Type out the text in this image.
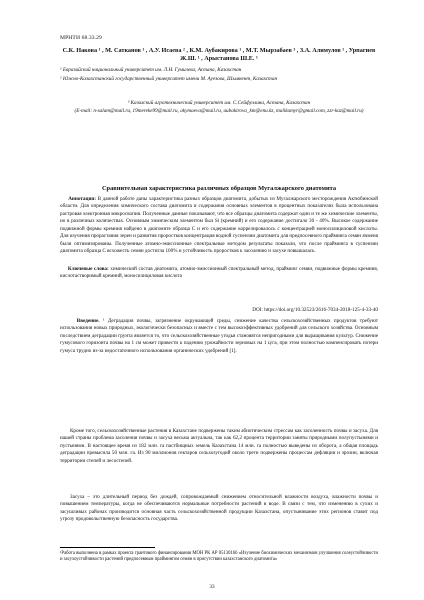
МРНТИ 68.33.29
С.К. Накова ¹ , М. Сатканов ¹ , А.У. Исаева ² , К.М. Аубакирова ¹ , М.Т. Мырзабаев ³ , З.А. Алимулов ¹ , Урпагиев Ж.Ш. ¹ , Арыстанова Ш.Е. ¹
¹ Евразийский национальный университет им. Л.Н. Гумилева, Астана, Казахстан
² Южно-Казахстанский государственный университет имени М. Ауезова, Шымкент, Казахстан
³ Казахский агротехнический университет им. С.Сейфуллина, Астана, Казахстан
(E-mail: n-salam@mail.ru, 19mereke99@mail.ru, akymaeva@mail.ru, aubakirova_km@enu.kz, malikamyr@gmail.com, zzr-kaz@mail.ru)
Сравнительная характеристика различных образцов Мугалжарского диатомита
Аннотация: В данной работе даны характеристика разных образцов диатомита, добытых из Мугалжарского месторождения Актюбинской области. Для определения химического состава диатомита и содержания основных элементов в процентных показателях была использована растровая электронная микроскопия. Полученные данные показывают, что все образцы диатомита содержат один и те же химические элементы, но в различных количествах. Основным химическим элементом был Si (кремний) и его содержание достигало 30 - 40%. Высокое содержание подвижной формы кремния найдено в диатомите образца С и его содержание коррелировалось с концентрацией моносилициловой кислоты. Для изучения прорастания зерен и развития проростков концентрация водной суспензии диатомита для предпосевного прайминга семян ячменя были оптимизированы. Полученные атомно-эмиссионные спектральные методом результаты показали, что после прайминга в суспензии диатомита образца С всхожесть семян достигла 100% и устойчивость проростков к засолению и засухе повышалась.
Ключевые слова: химический состав диатомита, атомно-эмиссионный спектральный метод, прайминг семян, подвижные формы кремния, кислотастворимый кремний, моносилициловая кислота
DOI: https://doi.org/10.32523/2616-7034-2018-125-4-33-40
Введение. ¹ Деградация почвы, загрязнение окружающей среды, снижение качества сельскохозяйственных продуктов требуют использования новых природных, экологически безопасных и вместе с тем высокоэффективных удобрений для сельского хозяйства. Основным последствием деградации грунта является то, что сельскохозяйственные угодья становятся непригодными для выращивания культур. Снижение гумусового горизонта почвы на 1 см может привести к падению урожайности зерновых на 1 ц/га, при этом полностью компенсировать потери гумуса трудно из-за недостаточного использования органических удобрений [1].
Кроме того, сельскохозяйственные растения в Казахстане подвержены таким абиотическим стрессам как засоленность почвы и засуха. Для нашей страны проблема засоления почвы и засуха весьма актуальна, так как 62,2 процента территории заняты природными полупустынями и пустынями. В настоящее время из 182 млн. га пастбищных земель Казахстана 14 млн. га полностью выведены из оборота, а общая площадь деградации превысила 50 млн. га. Из 90 миллионов гектаров сельхозугодий около трети подвержены процессам дефляции и эрозии, включая территории степей и лесостепей.
Засуха – это длительный период без дождей, сопровождаемый снижением относительной влажности воздуха, влажности почвы и повышением температуры, когда не обеспечиваются нормальные потребности растений в воде. В связи с тем, что изменению в сухих и засушливых районах производится основная часть сельскохозяйственной продукции Казахстана, опустынивание этих регионов ставит под угрозу продовольственную безопасность государства.
¹Работа выполнена в рамках проекта грантового финансирования МОН РК АР 05130166 «Изучение биохимических механизмов улучшения солеустойчивости и засухоустойчивости растений предпосевным праймингом семян в присутствии казахстанского диатомита»
33
